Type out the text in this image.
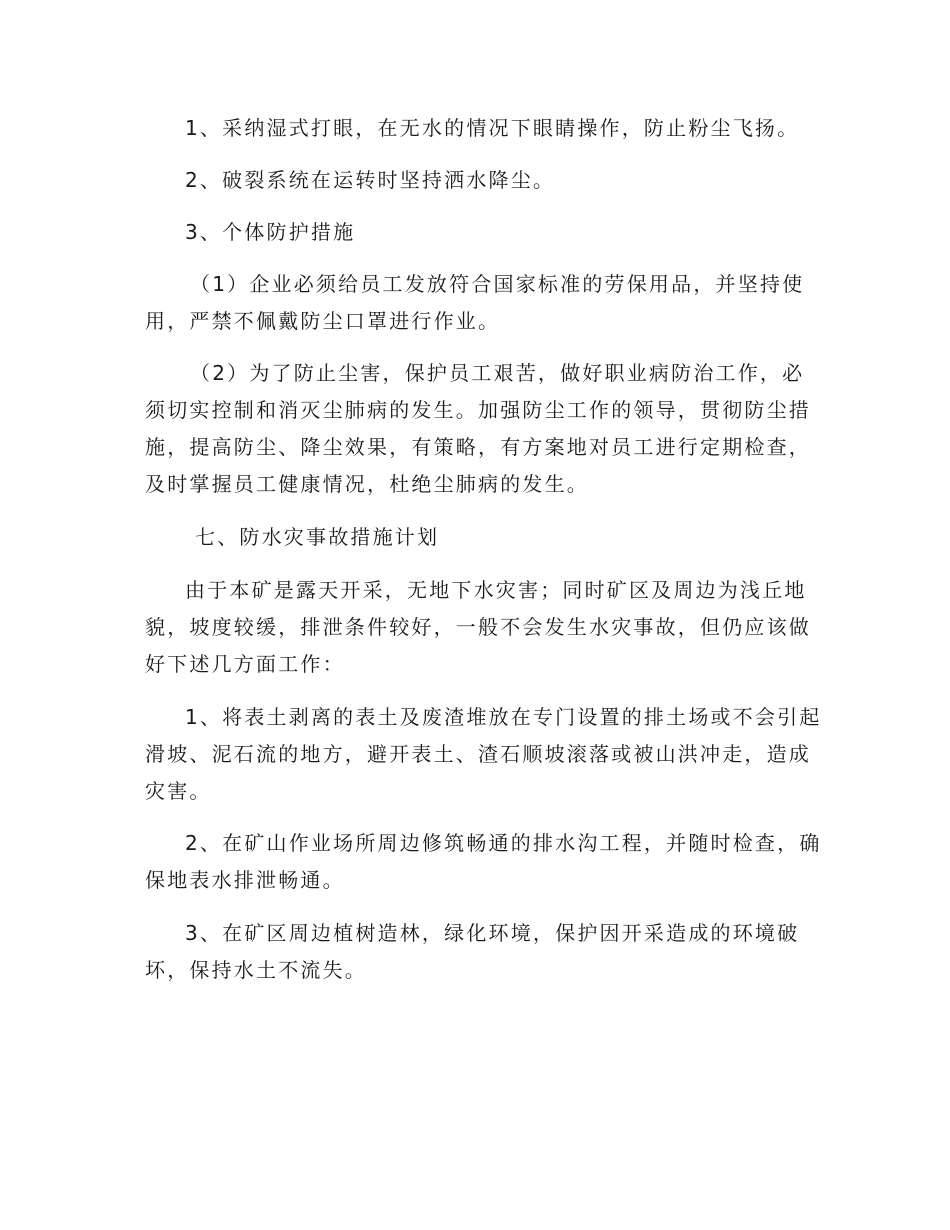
1、采纳湿式打眼，在无水的情况下眼睛操作，防止粉尘飞扬。
2、破裂系统在运转时坚持洒水降尘。
3、个体防护措施
（1）企业必须给员工发放符合国家标准的劳保用品，并坚持使
用，严禁不佩戴防尘口罩进行作业。
（2）为了防止尘害，保护员工艰苦，做好职业病防治工作，必
须切实控制和消灭尘肺病的发生。加强防尘工作的领导，贯彻防尘措
施，提高防尘、降尘效果，有策略，有方案地对员工进行定期检查，
及时掌握员工健康情况，杜绝尘肺病的发生。
七、防水灾事故措施计划
由于本矿是露天开采，无地下水灾害；同时矿区及周边为浅丘地
貌，坡度较缓，排泄条件较好，一般不会发生水灾事故，但仍应该做
好下述几方面工作：
1、将表土剥离的表土及废渣堆放在专门设置的排土场或不会引起
滑坡、泥石流的地方，避开表土、渣石顺坡滚落或被山洪冲走，造成
灾害。
2、在矿山作业场所周边修筑畅通的排水沟工程，并随时检查，确
保地表水排泄畅通。
3、在矿区周边植树造林，绿化环境，保护因开采造成的环境破
坏，保持水土不流失。
